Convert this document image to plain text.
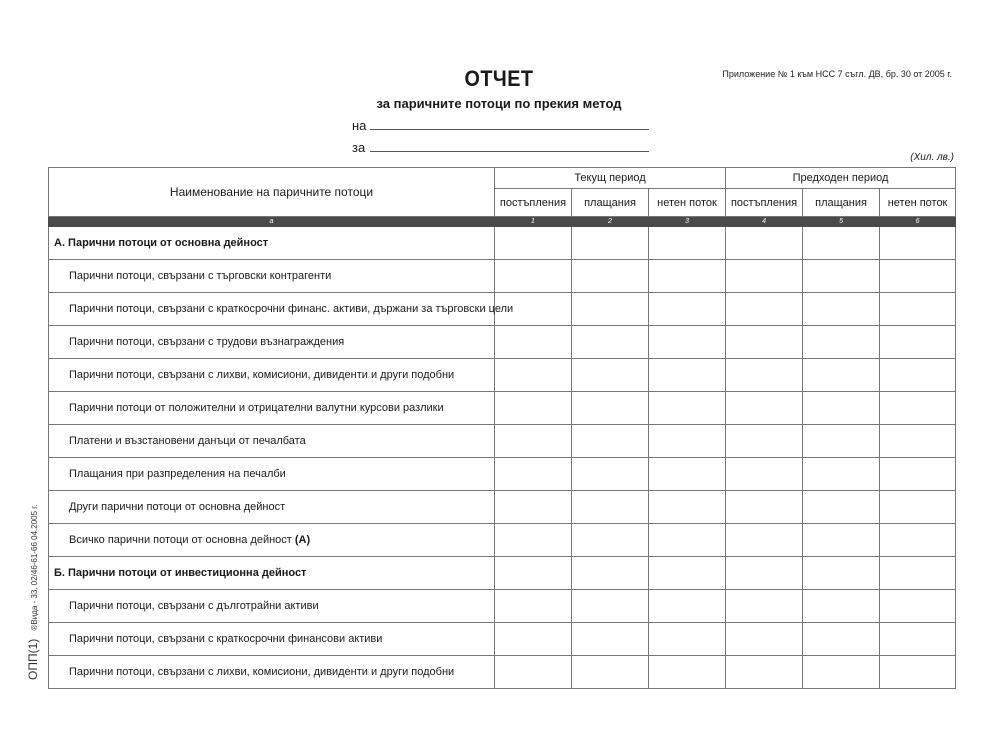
ОТЧЕТ
за паричните потоци по прекия метод
Приложение № 1 към НСС 7 съгл. ДВ, бр. 30 от 2005 г.
на
за
(Хил. лв.)
ОПП(1) ®Вида - 33, 02/46-61-66 04.2005 г.
Наименование на паричните потоци	Текущ период			Предходен период		
	постъпления	плащания	нетен поток	постъпления	плащания	нетен поток
а	1	2	3	4	5	6
А. Парични потоци от основна дейност						
Парични потоци, свързани с търговски контрагенти						
Парични потоци, свързани с краткосрочни финанс. активи, държани за търговски цели						
Парични потоци, свързани с трудови възнаграждения						
Парични потоци, свързани с лихви, комисиони, дивиденти и други подобни						
Парични потоци от положителни и отрицателни валутни курсови разлики						
Платени и възстановени данъци от печалбата						
Плащания при разпределения на печалби						
Други парични потоци от основна дейност						
Всичко парични потоци от основна дейност (А)						
Б. Парични потоци от инвестиционна дейност						
Парични потоци, свързани с дълготрайни активи						
Парични потоци, свързани с краткосрочни финансови активи						
Парични потоци, свързани с лихви, комисиони, дивиденти и други подобни						
